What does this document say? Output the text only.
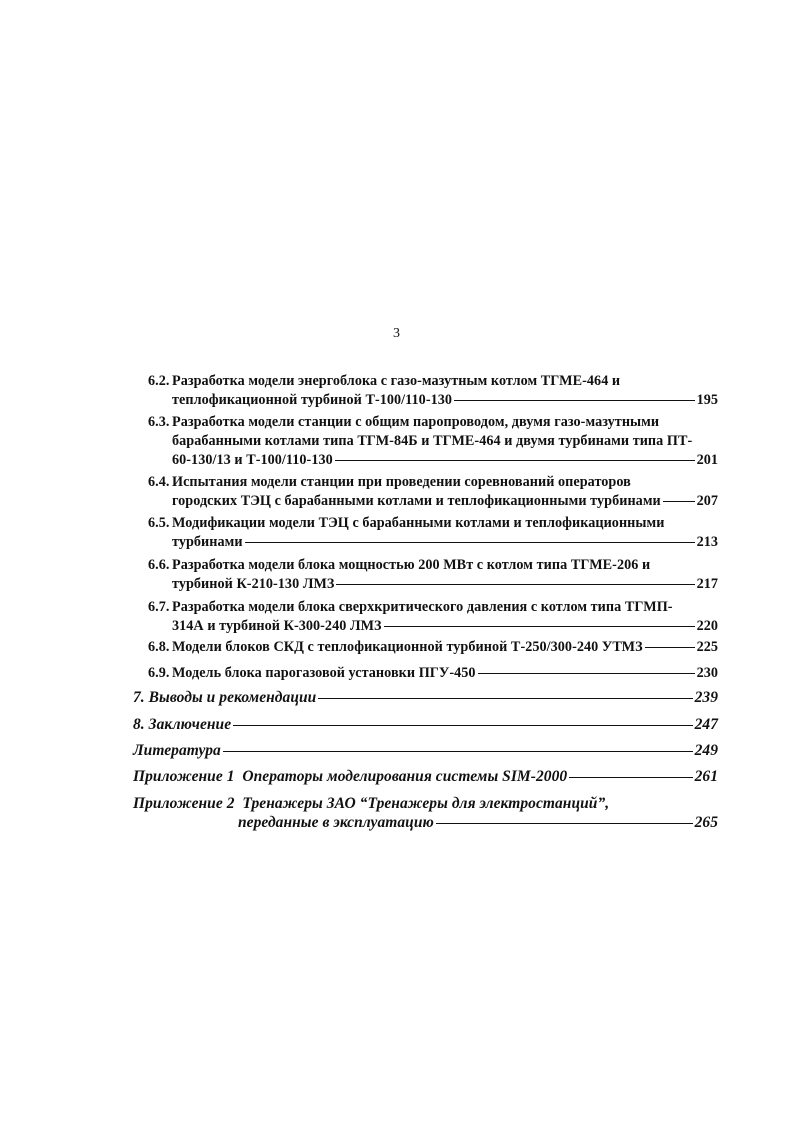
3
6.2. Разработка модели энергоблока с газо-мазутным котлом ТГМЕ-464 и
теплофикационной турбиной Т-100/110-130	195
6.3. Разработка модели станции с общим паропроводом, двумя газо-мазутными
барабанными котлами типа ТГМ-84Б и ТГМЕ-464 и двумя турбинами типа ПТ-
60-130/13 и Т-100/110-130	201
6.4. Испытания модели станции при проведении соревнований операторов
городских ТЭЦ с барабанными котлами и теплофикационными турбинами	207
6.5. Модификации модели ТЭЦ с барабанными котлами и теплофикационными
турбинами	213
6.6. Разработка модели блока мощностью 200 МВт с котлом типа ТГМЕ-206 и
турбиной К-210-130 ЛМЗ	217
6.7. Разработка модели блока сверхкритического давления с котлом типа ТГМП-
314А и турбиной К-300-240 ЛМЗ	220
6.8. Модели блоков СКД с теплофикационной турбиной Т-250/300-240 УТМЗ	225
6.9. Модель блока парогазовой установки ПГУ-450	230
7. Выводы и рекомендации	239
8. Заключение	247
Литература	249
Приложение 1  Операторы моделирования системы SIM-2000	261
Приложение 2  Тренажеры ЗАО “Тренажеры для электростанций”,
переданные в эксплуатацию	265
